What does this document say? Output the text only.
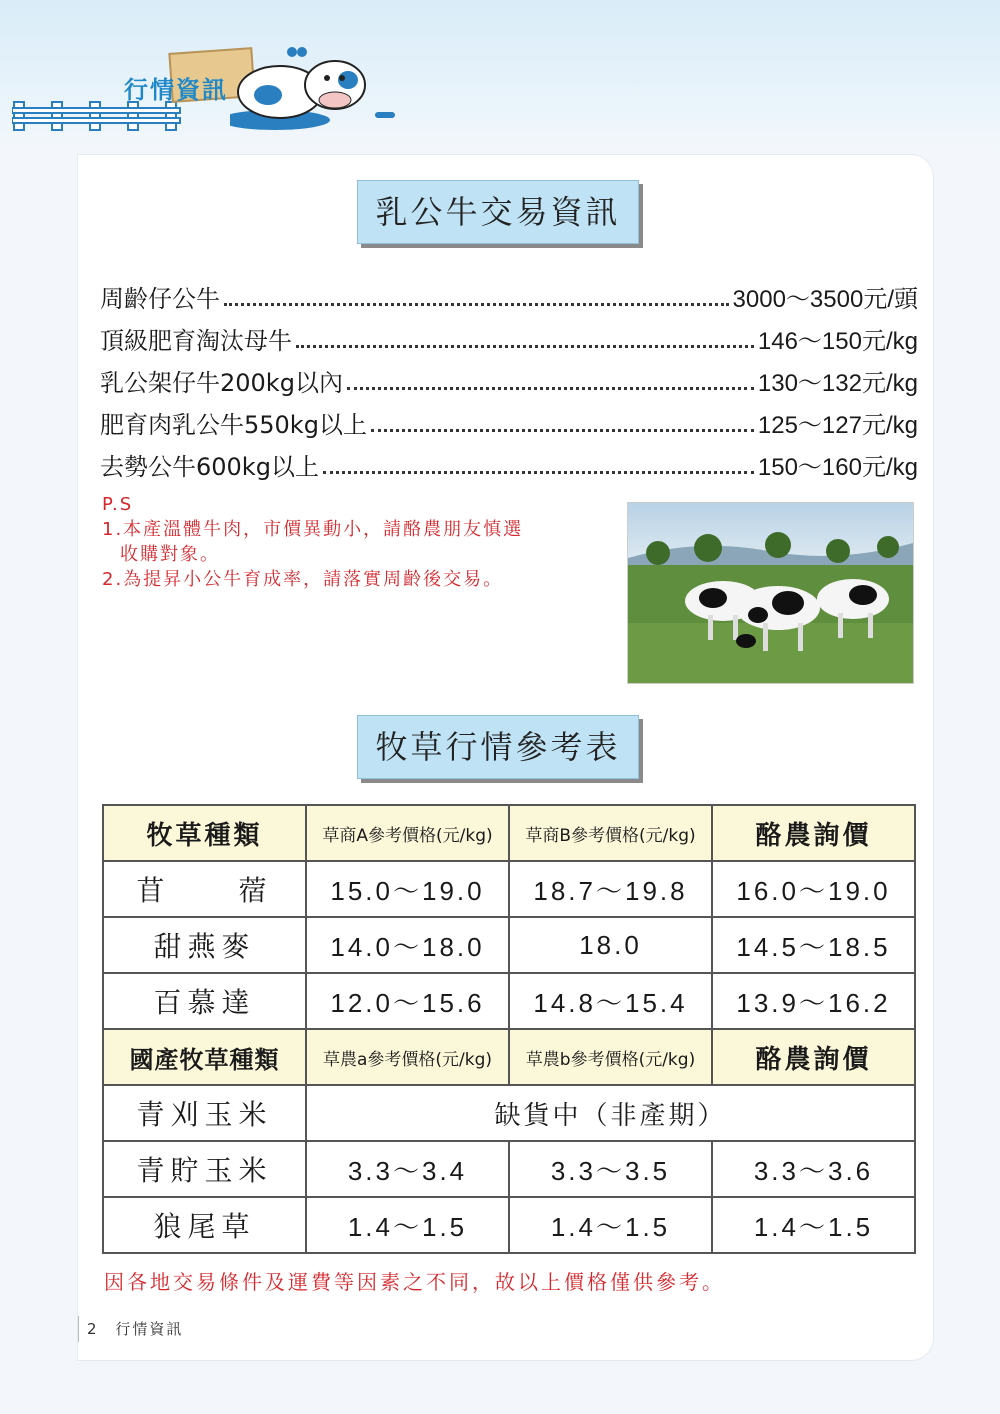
行情資訊
乳公牛交易資訊
周齡仔公牛	3000～3500元/頭
頂級肥育淘汰母牛	146～150元/kg
乳公架仔牛200kg以內	130～132元/kg
肥育肉乳公牛550kg以上	125～127元/kg
去勢公牛600kg以上	150～160元/kg
P.S
1.本產溫體牛肉，市價異動小，請酪農朋友慎選
收購對象。
2.為提昇小公牛育成率，請落實周齡後交易。
牧草行情參考表
牧草種類	草商A參考價格(元/kg)	草商B參考價格(元/kg)	酪農詢價
苜　　蓿	15.0～19.0	18.7～19.8	16.0～19.0
甜燕麥	14.0～18.0	18.0	14.5～18.5
百慕達	12.0～15.6	14.8～15.4	13.9～16.2
國產牧草種類	草農a參考價格(元/kg)	草農b參考價格(元/kg)	酪農詢價
青刈玉米	缺貨中（非產期）		
青貯玉米	3.3～3.4	3.3～3.5	3.3～3.6
狼尾草	1.4～1.5	1.4～1.5	1.4～1.5
因各地交易條件及運費等因素之不同，故以上價格僅供參考。
2 行情資訊
